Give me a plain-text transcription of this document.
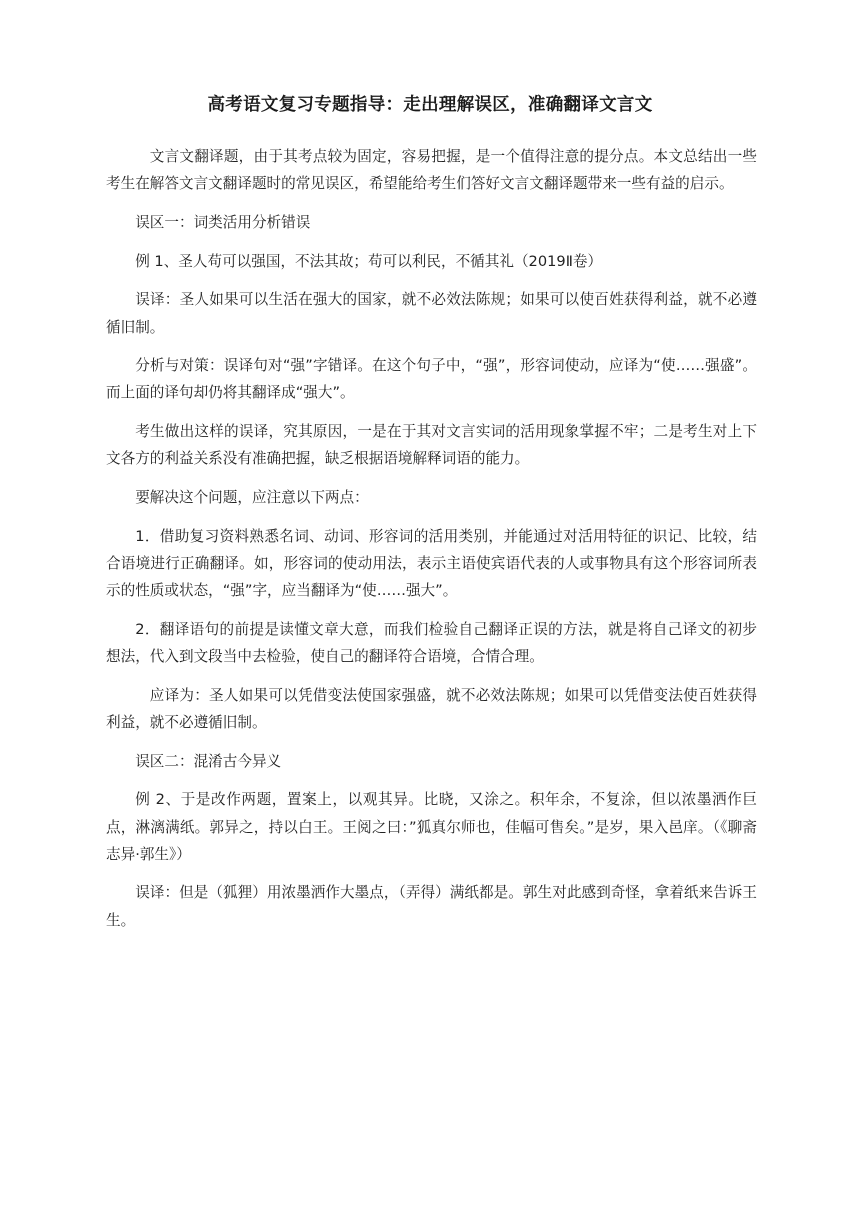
高考语文复习专题指导：走出理解误区，准确翻译文言文

文言文翻译题，由于其考点较为固定，容易把握，是一个值得注意的提分点。本文总结出一些考生在解答文言文翻译题时的常见误区，希望能给考生们答好文言文翻译题带来一些有益的启示。

误区一：词类活用分析错误

例 1、圣人苟可以强国，不法其故；苟可以利民，不循其礼（2019Ⅱ卷）

误译：圣人如果可以生活在强大的国家，就不必效法陈规；如果可以使百姓获得利益，就不必遵循旧制。

分析与对策：误译句对“强”字错译。在这个句子中，“强”，形容词使动，应译为“使……强盛”。而上面的译句却仍将其翻译成“强大”。

考生做出这样的误译，究其原因，一是在于其对文言实词的活用现象掌握不牢；二是考生对上下文各方的利益关系没有准确把握，缺乏根据语境解释词语的能力。

要解决这个问题，应注意以下两点：

1．借助复习资料熟悉名词、动词、形容词的活用类别，并能通过对活用特征的识记、比较，结合语境进行正确翻译。如，形容词的使动用法，表示主语使宾语代表的人或事物具有这个形容词所表示的性质或状态，“强”字，应当翻译为“使……强大”。

2．翻译语句的前提是读懂文章大意，而我们检验自己翻译正误的方法，就是将自己译文的初步想法，代入到文段当中去检验，使自己的翻译符合语境，合情合理。

应译为：圣人如果可以凭借变法使国家强盛，就不必效法陈规；如果可以凭借变法使百姓获得利益，就不必遵循旧制。

误区二：混淆古今异义

例 2、于是改作两题，置案上，以观其异。比晓，又涂之。积年余，不复涂，但以浓墨洒作巨点，淋漓满纸。郭异之，持以白王。王阅之曰：”狐真尔师也，佳幅可售矣。”是岁，果入邑庠。（《聊斋志异·郭生》）

误译：但是（狐狸）用浓墨洒作大墨点，（弄得）满纸都是。郭生对此感到奇怪，拿着纸来告诉王生。
